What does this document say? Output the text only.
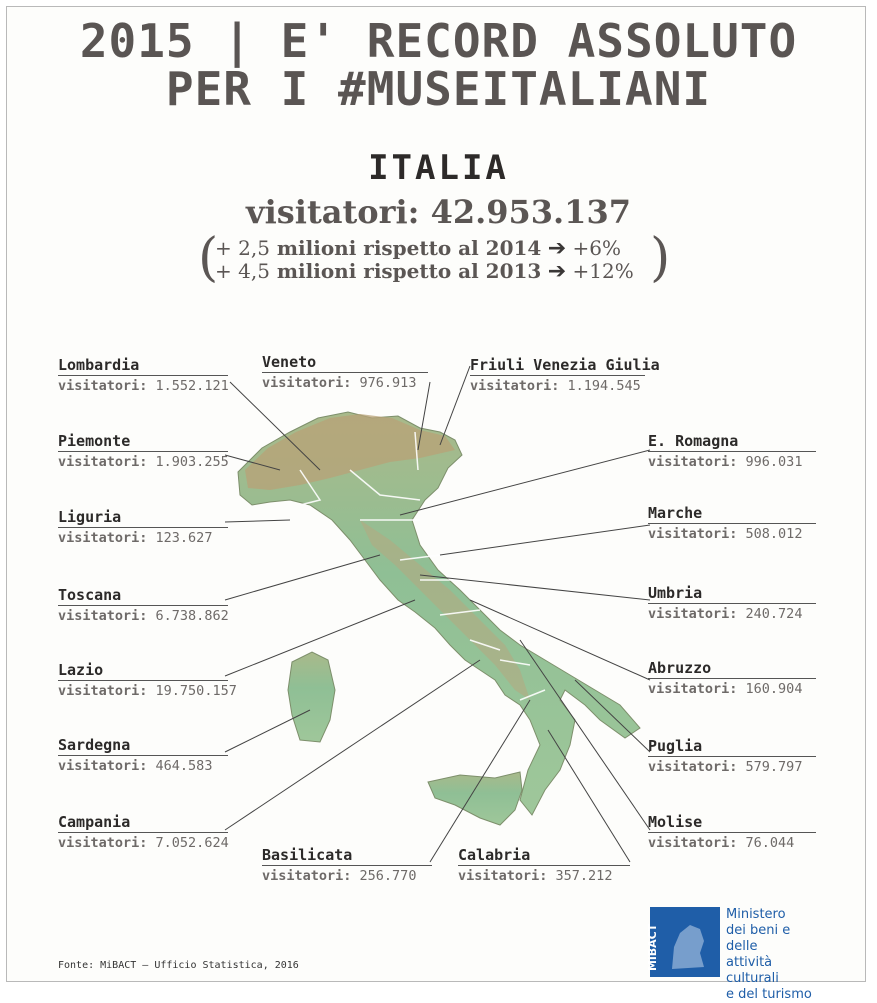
2015 | E' RECORD ASSOLUTO
PER I #MUSEITALIANI
ITALIA
visitatori: 42.953.137
(	)
+ 2,5 milioni rispetto al 2014 ➔ +6%
+ 4,5 milioni rispetto al 2013 ➔ +12%
Lombardia
visitatori: 1.552.121
Veneto
visitatori: 976.913
Friuli Venezia Giulia
visitatori: 1.194.545
Piemonte
visitatori: 1.903.255
E. Romagna
visitatori: 996.031
Liguria
visitatori: 123.627
Marche
visitatori: 508.012
Toscana
visitatori: 6.738.862
Umbria
visitatori: 240.724
Lazio
visitatori: 19.750.157
Abruzzo
visitatori: 160.904
Sardegna
visitatori: 464.583
Puglia
visitatori: 579.797
Campania
visitatori: 7.052.624
Molise
visitatori: 76.044
Basilicata
visitatori: 256.770
Calabria
visitatori: 357.212
Fonte: MiBACT – Ufficio Statistica, 2016	MiBACT
Ministero
dei beni e delle
attività culturali
e del turismo
